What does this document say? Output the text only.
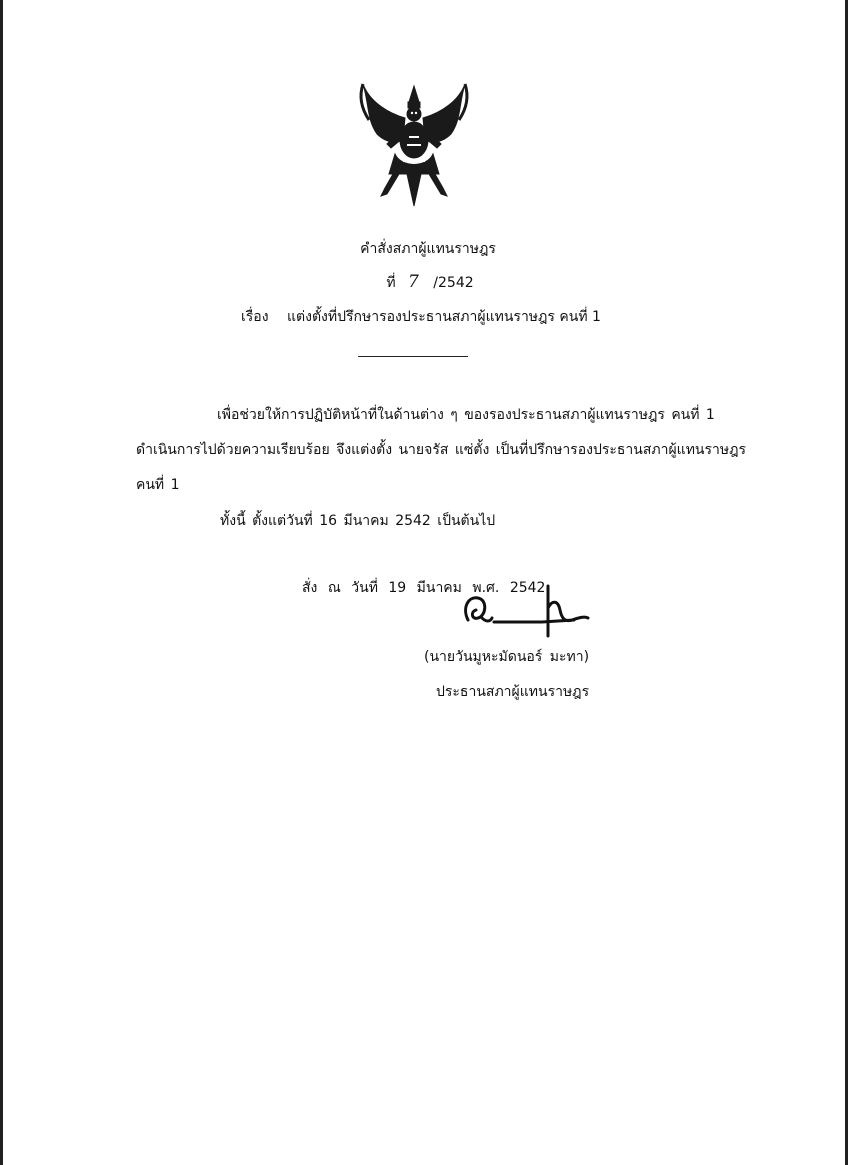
คำสั่งสภาผู้แทนราษฎร
ที่ 7 /2542
เรื่อง แต่งตั้งที่ปรึกษารองประธานสภาผู้แทนราษฎร คนที่ 1
เพื่อช่วยให้การปฏิบัติหน้าที่ในด้านต่าง ๆ ของรองประธานสภาผู้แทนราษฎร คนที่ 1
ดำเนินการไปด้วยความเรียบร้อย จึงแต่งตั้ง นายจรัส แซ่ตั้ง เป็นที่ปรึกษารองประธานสภาผู้แทนราษฎร
คนที่ 1
ทั้งนี้ ตั้งแต่วันที่ 16 มีนาคม 2542 เป็นต้นไป
สั่ง ณ วันที่ 19 มีนาคม พ.ศ. 2542
(นายวันมูหะมัดนอร์ มะทา)
ประธานสภาผู้แทนราษฎร
